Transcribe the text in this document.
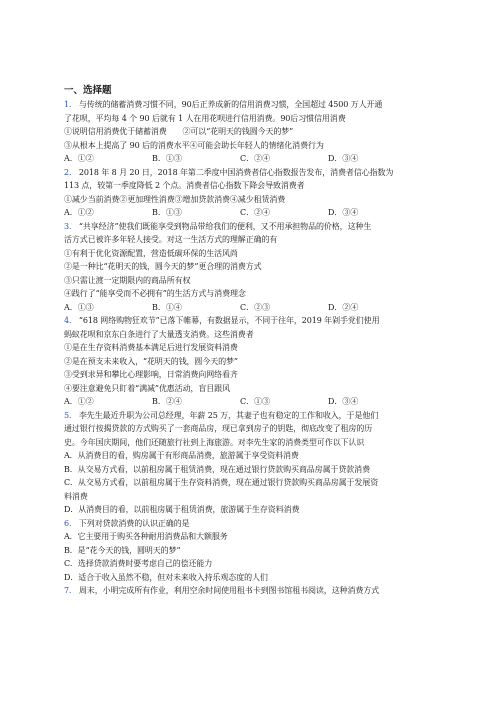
一、选择题
1． 与传统的储蓄消费习惯不同，90后正养成新的信用消费习惯，全国超过 4500 万人开通
了花呗，平均每 4 个 90 后就有 1 人在用花呗进行信用消费。90后习惯信用消费
①说明信用消费优于储蓄消费　　②可以“花明天的钱圆今天的梦”
③从根本上提高了 90 后的消费水平④可能会助长年轻人的情绪化消费行为
A．①②	B．①③	C．②④	D．③④
2． 2018 年 8 月 20 日，2018 年第二季度中国消费者信心指数报告发布，消费者信心指数为
113 点，较第一季度降低 2 个点。消费者信心指数下降会导致消费者
①减少当前消费②更加理性消费③增加贷款消费④减少租赁消费
A．①②	B．①③	C．②④	D．③④
3． “共享经济”使我们既能享受到物品带给我们的便利，又不用承担物品的价格，这种生
活方式已被许多年轻人接受。对这一生活方式的理解正确的有
①有利于优化资源配置，营造低碳环保的生活风尚
②是一种比“花明天的钱，圆今天的梦”更合理的消费方式
③只需让渡一定期限内的商品所有权
④践行了“能享受而不必拥有”的生活方式与消费理念
A．①③	B．①④	C．②③	D．②④
4． “618 网络购物狂欢节”已落下帷幕，有数据显示，不同于往年，2019 年剁手党们使用
蚂蚁花呗和京东白条进行了大量透支消费。这些消费者
①是在生存资料消费基本满足后进行发展资料消费
②是在预支未来收入，“花明天的钱，圆今天的梦”
③受到求异和攀比心理影响，日常消费向网络看齐
④要注意避免只盯着“满减”优惠活动，盲目跟风
A．①②	B．②④	C．①③	D．③④
5． 李先生最近升职为公司总经理，年薪 25 万，其妻子也有稳定的工作和收入，于是他们
通过银行按揭贷款的方式购买了一套商品房，现已拿到房子的钥匙，彻底改变了租房的历
史。今年国庆期间，他们还随旅行社到上海旅游。对李先生家的消费类型可作以下认识
A．从消费目的看，购房属于有形商品消费，旅游属于享受资料消费
B．从交易方式看，以前租房属于租赁消费，现在通过银行贷款购买商品房属于贷款消费
C．从交易方式看，以前租房属于生存资料消费，现在通过银行贷款购买商品房属于发展资
料消费
D．从消费目的看，以前租房属于租赁消费，旅游属于生存资料消费
6． 下列对贷款消费的认识正确的是
A．它主要用于购买各种耐用消费品和大额服务
B．是“花今天的钱，圆明天的梦”
C．选择贷款消费时要考虑自己的偿还能力
D．适合于收入虽然不稳，但对未来收入持乐观态度的人们
7． 周末，小明完成所有作业，利用空余时间使用租书卡到图书馆租书阅读，这种消费方式
